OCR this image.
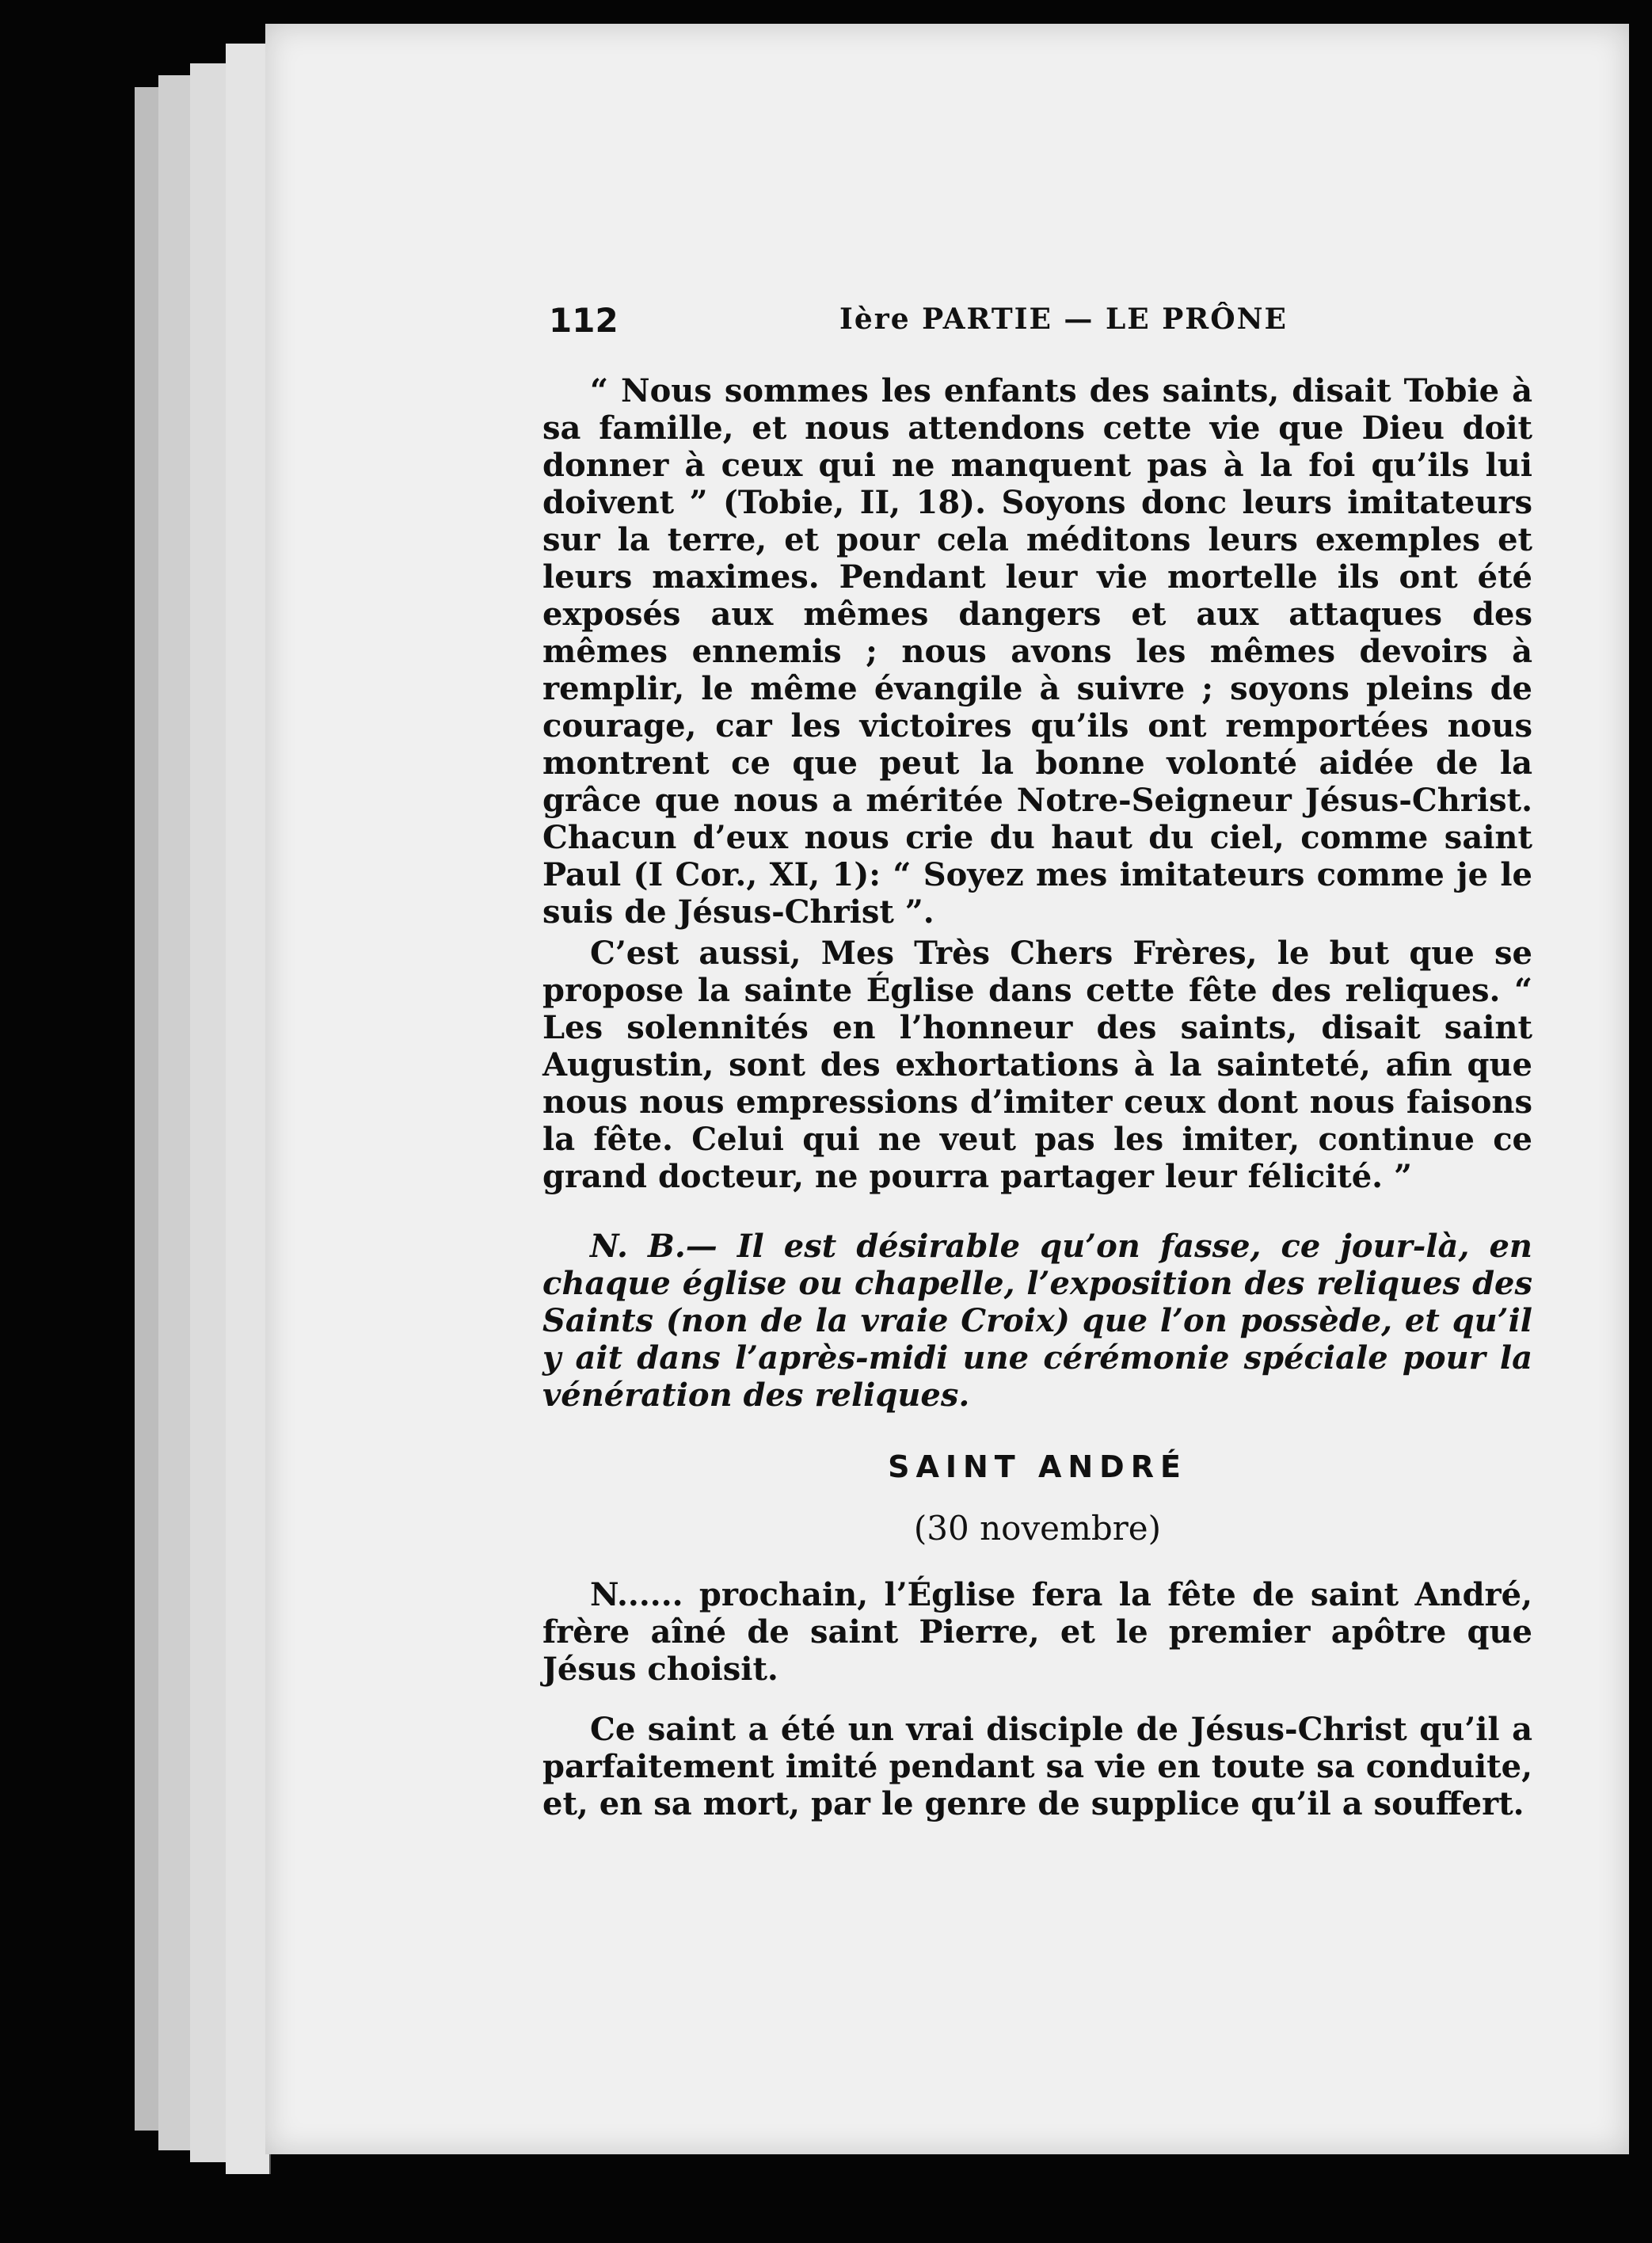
112	Ière PARTIE — LE PRÔNE

“ Nous sommes les enfants des saints, disait Tobie à sa famille, et nous attendons cette vie que Dieu doit donner à ceux qui ne manquent pas à la foi qu’ils lui doivent ” (Tobie, II, 18). Soyons donc leurs imitateurs sur la terre, et pour cela méditons leurs exemples et leurs maximes. Pendant leur vie mortelle ils ont été exposés aux mêmes dangers et aux attaques des mêmes ennemis ; nous avons les mêmes devoirs à remplir, le même évangile à suivre ; soyons pleins de courage, car les victoires qu’ils ont remportées nous montrent ce que peut la bonne volonté aidée de la grâce que nous a méritée Notre-Seigneur Jésus-Christ. Chacun d’eux nous crie du haut du ciel, comme saint Paul (I Cor., XI, 1): “ Soyez mes imitateurs comme je le suis de Jésus-Christ ”.

C’est aussi, Mes Très Chers Frères, le but que se propose la sainte Église dans cette fête des reliques. “ Les solennités en l’honneur des saints, disait saint Augustin, sont des exhortations à la sainteté, afin que nous nous empressions d’imiter ceux dont nous faisons la fête. Celui qui ne veut pas les imiter, continue ce grand docteur, ne pourra partager leur félicité. ”

N. B.— Il est désirable qu’on fasse, ce jour-là, en chaque église ou chapelle, l’exposition des reliques des Saints (non de la vraie Croix) que l’on possède, et qu’il y ait dans l’après-midi une cérémonie spéciale pour la vénération des reliques.

SAINT ANDRÉ

(30 novembre)

N...... prochain, l’Église fera la fête de saint André, frère aîné de saint Pierre, et le premier apôtre que Jésus choisit.

Ce saint a été un vrai disciple de Jésus-Christ qu’il a parfaitement imité pendant sa vie en toute sa conduite, et, en sa mort, par le genre de supplice qu’il a souffert.
